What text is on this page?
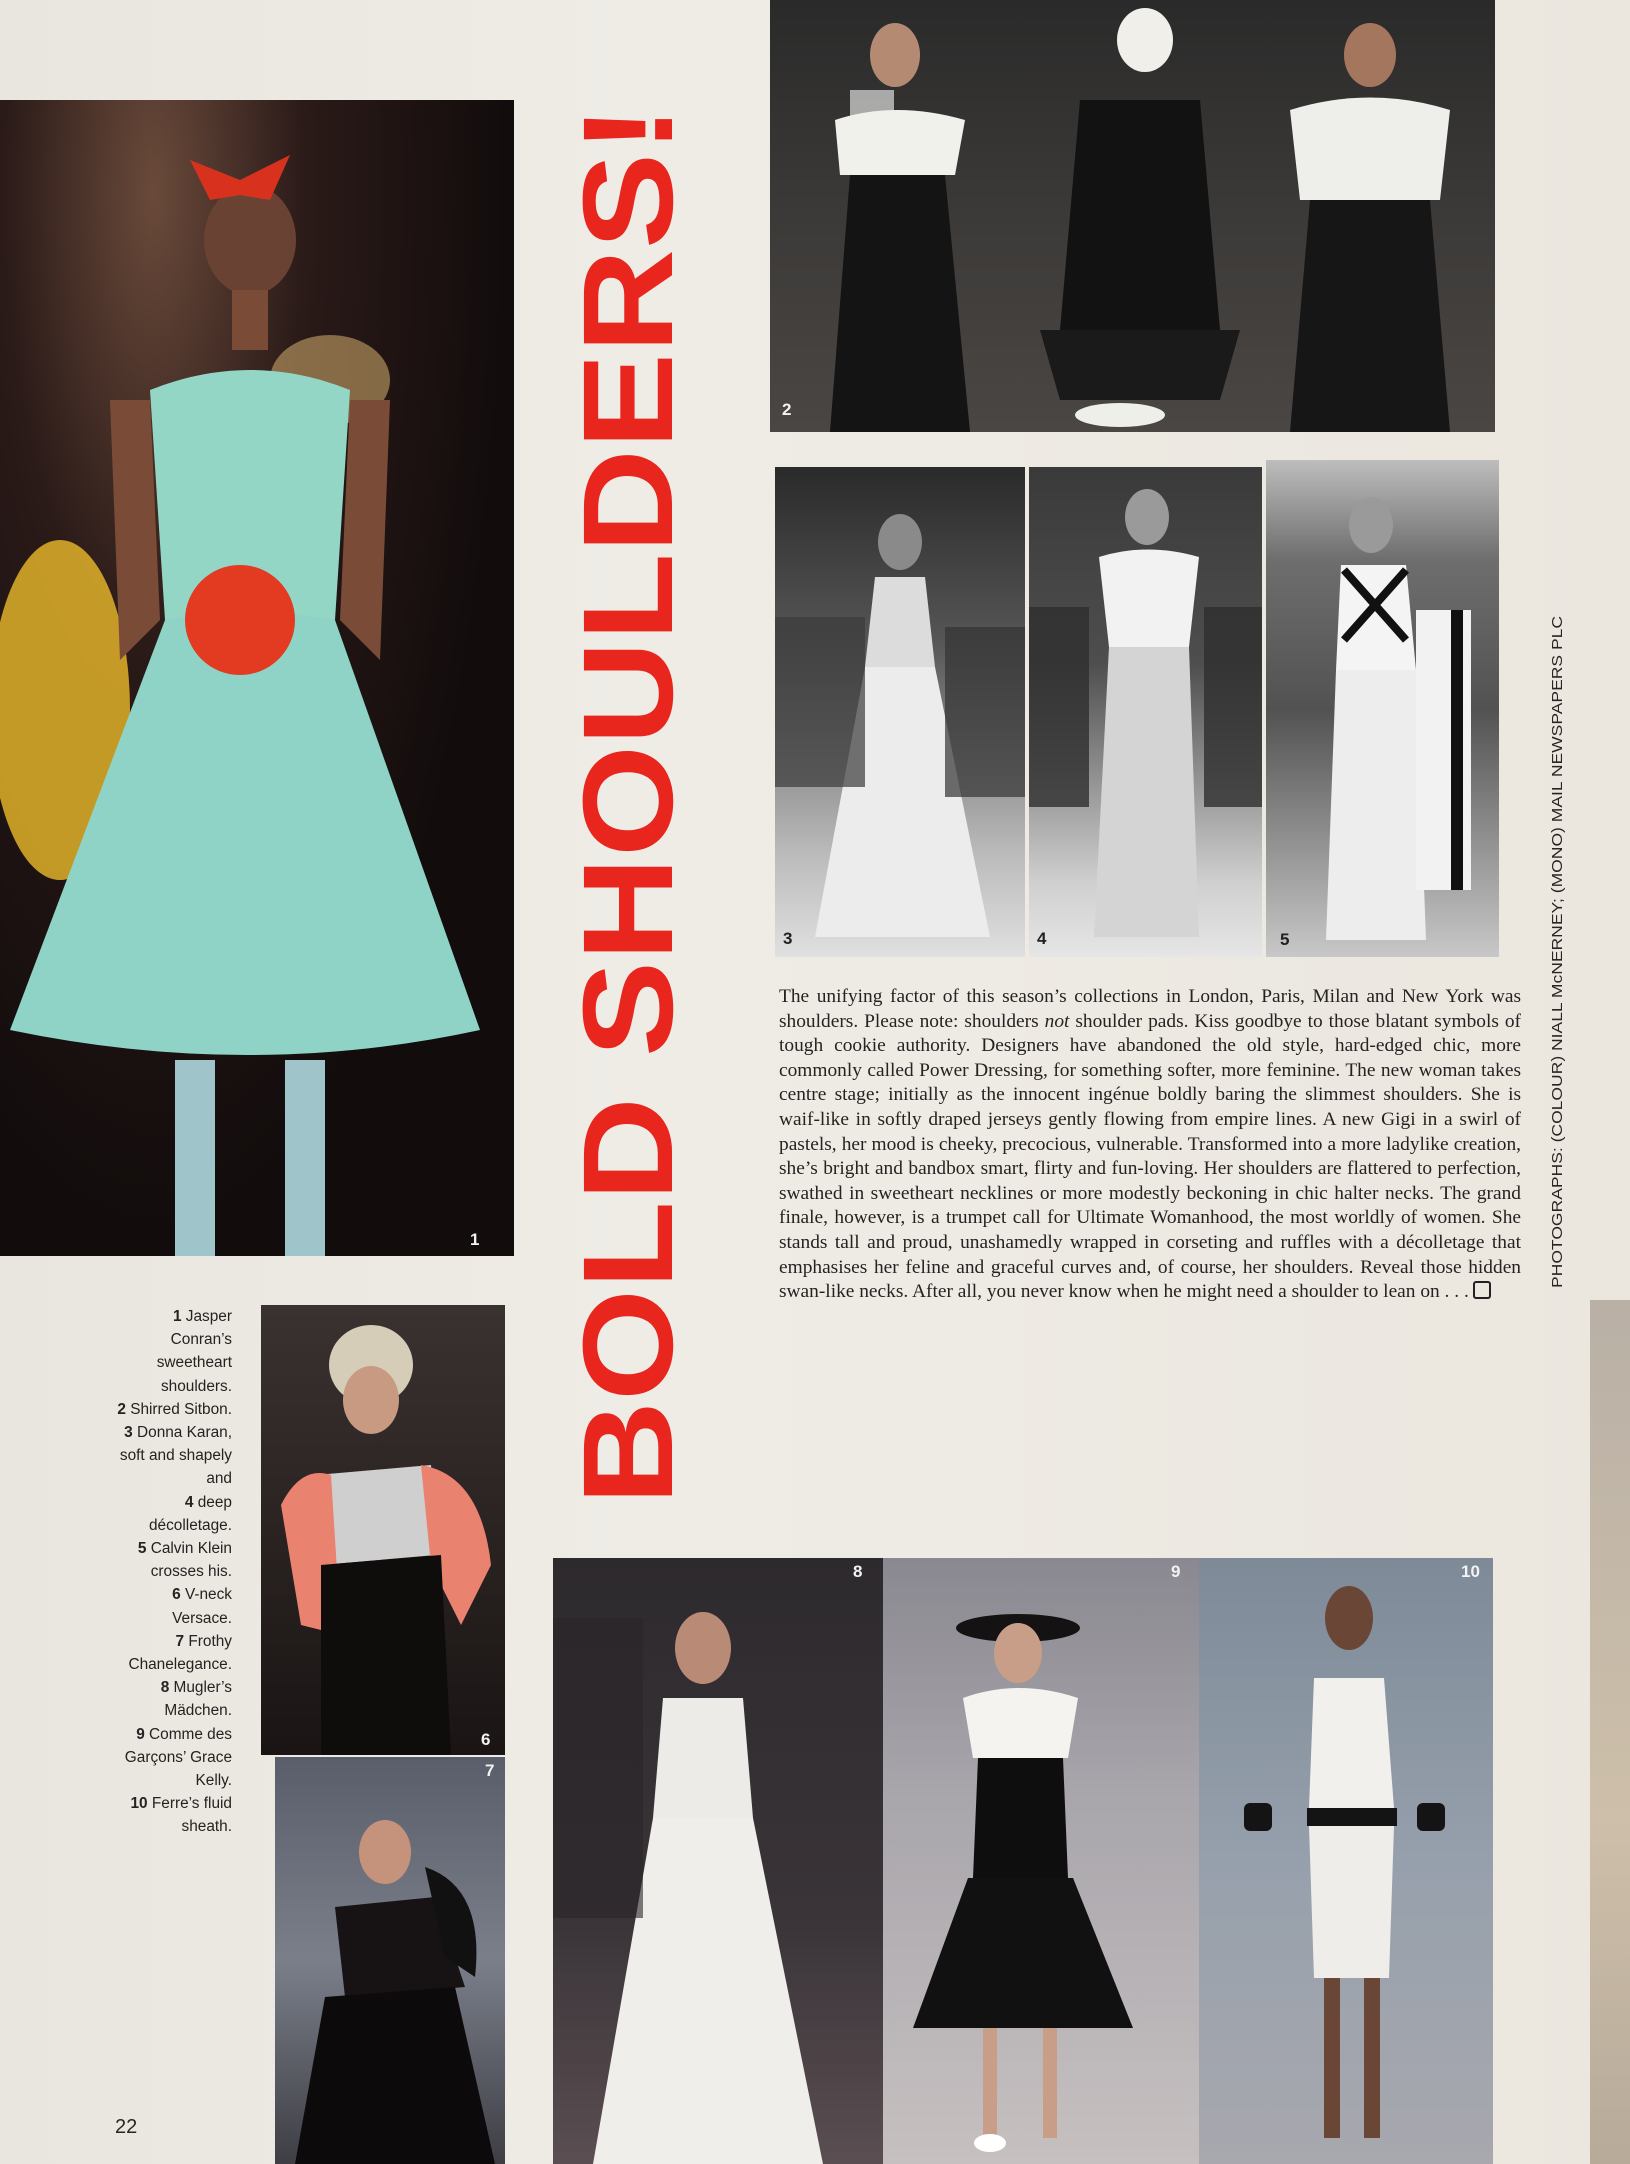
1
2
3	4	5
BOLD SHOULDERS!	The unifying factor of this season’s collections in London, Paris, Milan and New York was shoulders. Please note: shoulders not shoulder pads. Kiss goodbye to those blatant symbols of tough cookie authority. Designers have abandoned the old style, hard-edged chic, more commonly called Power Dressing, for something softer, more feminine. The new woman takes centre stage; initially as the innocent ingénue boldly baring the slimmest shoulders. She is waif-like in softly draped jerseys gently flowing from empire lines. A new Gigi in a swirl of pastels, her mood is cheeky, precocious, vulnerable. Transformed into a more ladylike creation, she’s bright and bandbox smart, flirty and fun-loving. Her shoulders are flattered to perfection, swathed in sweetheart necklines or more modestly beckoning in chic halter necks. The grand finale, however, is a trumpet call for Ultimate Womanhood, the most worldly of women. She stands tall and proud, unashamedly wrapped in corseting and ruffles with a décolletage that emphasises her feline and graceful curves and, of course, her shoulders. Reveal those hidden swan-like necks. After all, you never know when he might need a shoulder to lean on . . .
1 Jasper Conran’s sweetheart shoulders.
2 Shirred Sitbon.
3 Donna Karan, soft and shapely and
4 deep décolletage.
5 Calvin Klein crosses his.
6 V-neck Versace.
7 Frothy Chanelegance.
8 Mugler’s Mädchen.
9 Comme des Garçons’ Grace Kelly.
10 Ferre’s fluid sheath.
6
7
8	9	10
PHOTOGRAPHS: (COLOUR) NIALL McNERNEY; (MONO) MAIL NEWSPAPERS PLC
22
